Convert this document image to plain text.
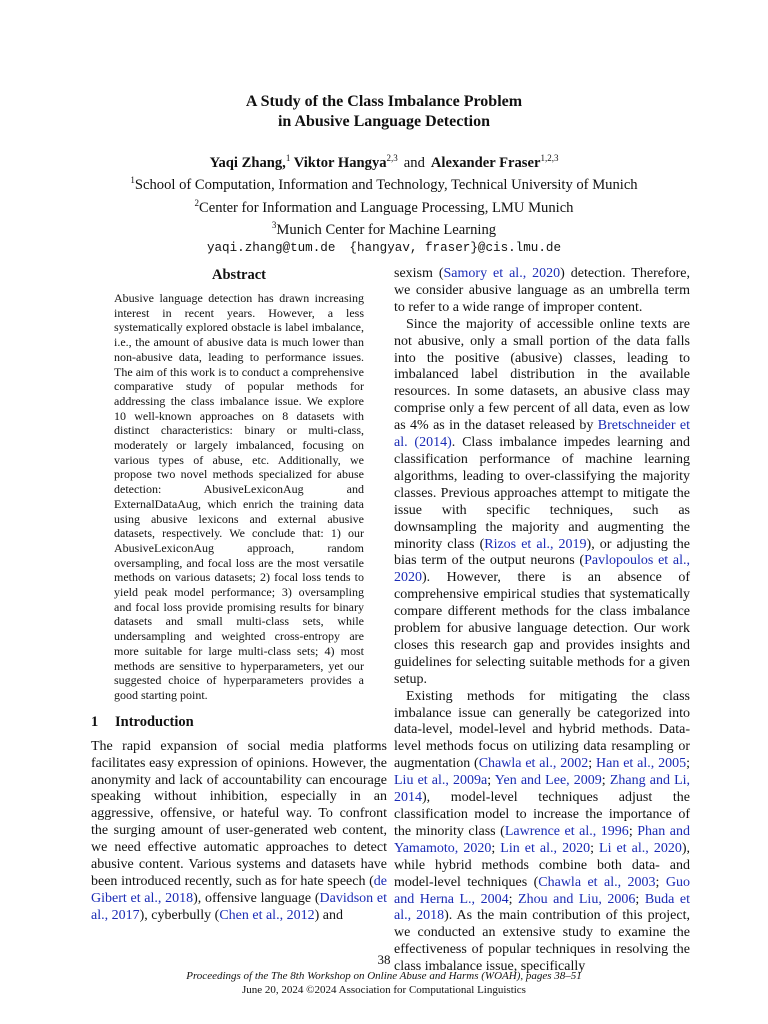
A Study of the Class Imbalance Problem
in Abusive Language Detection
Yaqi Zhang,$^1$ Viktor Hangya$^{2,3}$ and Alexander Fraser$^{1,2,3}$
$^1$School of Computation, Information and Technology, Technical University of Munich
$^2$Center for Information and Language Processing, LMU Munich
$^3$Munich Center for Machine Learning
yaqi.zhang@tum.de {hangyav, fraser}@cis.lmu.de
Abstract

Abusive language detection has drawn increasing interest in recent years. However, a less systematically explored obstacle is label imbalance, i.e., the amount of abusive data is much lower than non-abusive data, leading to performance issues. The aim of this work is to conduct a comprehensive comparative study of popular methods for addressing the class imbalance issue. We explore 10 well-known approaches on 8 datasets with distinct characteristics: binary or multi-class, moderately or largely imbalanced, focusing on various types of abuse, etc. Additionally, we propose two novel methods specialized for abuse detection: AbusiveLexiconAug and ExternalDataAug, which enrich the training data using abusive lexicons and external abusive datasets, respectively. We conclude that: 1) our AbusiveLexiconAug approach, random oversampling, and focal loss are the most versatile methods on various datasets; 2) focal loss tends to yield peak model performance; 3) oversampling and focal loss provide promising results for binary datasets and small multi-class sets, while undersampling and weighted cross-entropy are more suitable for large multi-class sets; 4) most methods are sensitive to hyperparameters, yet our suggested choice of hyperparameters provides a good starting point.

1 Introduction

The rapid expansion of social media platforms facilitates easy expression of opinions. However, the anonymity and lack of accountability can encourage speaking without inhibition, especially in an aggressive, offensive, or hateful way. To confront the surging amount of user-generated web content, we need effective automatic approaches to detect abusive content. Various systems and datasets have been introduced recently, such as for hate speech (de Gibert et al., 2018), offensive language (Davidson et al., 2017), cyberbully (Chen et al., 2012) and

sexism (Samory et al., 2020) detection. Therefore, we consider abusive language as an umbrella term to refer to a wide range of improper content.

Since the majority of accessible online texts are not abusive, only a small portion of the data falls into the positive (abusive) classes, leading to imbalanced label distribution in the available resources. In some datasets, an abusive class may comprise only a few percent of all data, even as low as 4% as in the dataset released by Bretschneider et al. (2014). Class imbalance impedes learning and classification performance of machine learning algorithms, leading to over-classifying the majority classes. Previous approaches attempt to mitigate the issue with specific techniques, such as downsampling the majority and augmenting the minority class (Rizos et al., 2019), or adjusting the bias term of the output neurons (Pavlopoulos et al., 2020). However, there is an absence of comprehensive empirical studies that systematically compare different methods for the class imbalance problem for abusive language detection. Our work closes this research gap and provides insights and guidelines for selecting suitable methods for a given setup.

Existing methods for mitigating the class imbalance issue can generally be categorized into data-level, model-level and hybrid methods. Data-level methods focus on utilizing data resampling or augmentation (Chawla et al., 2002; Han et al., 2005; Liu et al., 2009a; Yen and Lee, 2009; Zhang and Li, 2014), model-level techniques adjust the classification model to increase the importance of the minority class (Lawrence et al., 1996; Phan and Yamamoto, 2020; Lin et al., 2020; Li et al., 2020), while hybrid methods combine both data- and model-level techniques (Chawla et al., 2003; Guo and Herna L., 2004; Zhou and Liu, 2006; Buda et al., 2018). As the main contribution of this project, we conducted an extensive study to examine the effectiveness of popular techniques in resolving the class imbalance issue, specifically

38
Proceedings of the The 8th Workshop on Online Abuse and Harms (WOAH), pages 38–51
June 20, 2024 ©2024 Association for Computational Linguistics
